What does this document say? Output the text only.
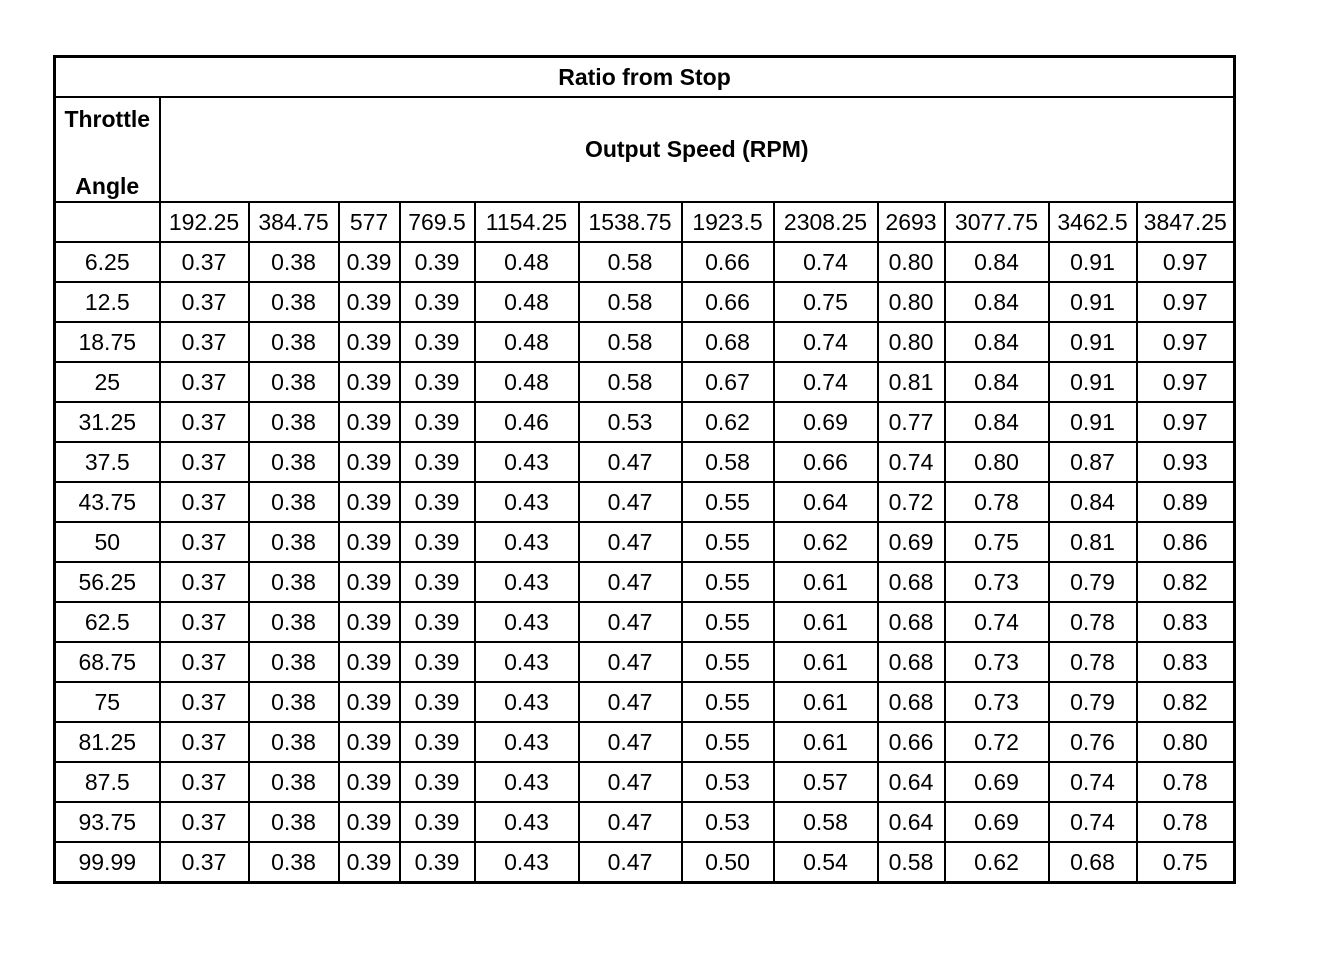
Ratio from Stop												

Throttle
Angle	Output Speed (RPM)											
	192.25	384.75	577	769.5	1154.25	1538.75	1923.5	2308.25	2693	3077.75	3462.5	3847.25
6.25	0.37	0.38	0.39	0.39	0.48	0.58	0.66	0.74	0.80	0.84	0.91	0.97
12.5	0.37	0.38	0.39	0.39	0.48	0.58	0.66	0.75	0.80	0.84	0.91	0.97
18.75	0.37	0.38	0.39	0.39	0.48	0.58	0.68	0.74	0.80	0.84	0.91	0.97
25	0.37	0.38	0.39	0.39	0.48	0.58	0.67	0.74	0.81	0.84	0.91	0.97
31.25	0.37	0.38	0.39	0.39	0.46	0.53	0.62	0.69	0.77	0.84	0.91	0.97
37.5	0.37	0.38	0.39	0.39	0.43	0.47	0.58	0.66	0.74	0.80	0.87	0.93
43.75	0.37	0.38	0.39	0.39	0.43	0.47	0.55	0.64	0.72	0.78	0.84	0.89
50	0.37	0.38	0.39	0.39	0.43	0.47	0.55	0.62	0.69	0.75	0.81	0.86
56.25	0.37	0.38	0.39	0.39	0.43	0.47	0.55	0.61	0.68	0.73	0.79	0.82
62.5	0.37	0.38	0.39	0.39	0.43	0.47	0.55	0.61	0.68	0.74	0.78	0.83
68.75	0.37	0.38	0.39	0.39	0.43	0.47	0.55	0.61	0.68	0.73	0.78	0.83
75	0.37	0.38	0.39	0.39	0.43	0.47	0.55	0.61	0.68	0.73	0.79	0.82
81.25	0.37	0.38	0.39	0.39	0.43	0.47	0.55	0.61	0.66	0.72	0.76	0.80
87.5	0.37	0.38	0.39	0.39	0.43	0.47	0.53	0.57	0.64	0.69	0.74	0.78
93.75	0.37	0.38	0.39	0.39	0.43	0.47	0.53	0.58	0.64	0.69	0.74	0.78
99.99	0.37	0.38	0.39	0.39	0.43	0.47	0.50	0.54	0.58	0.62	0.68	0.75
